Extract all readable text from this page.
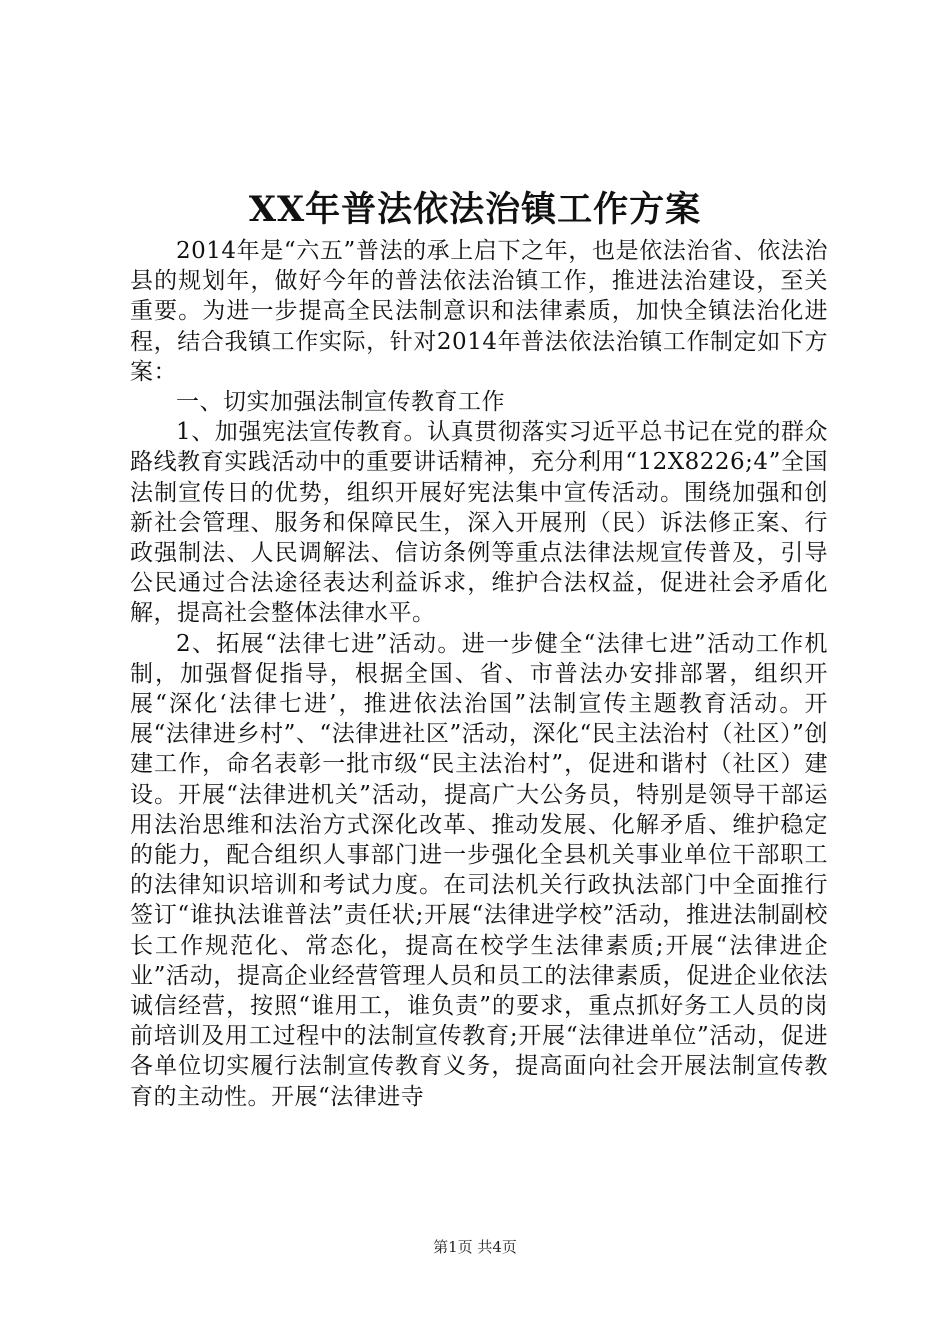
XX年普法依法治镇工作方案

2014年是“六五”普法的承上启下之年，也是依法治省、依法治县的规划年，做好今年的普法依法治镇工作，推进法治建设，至关重要。为进一步提高全民法制意识和法律素质，加快全镇法治化进程，结合我镇工作实际，针对2014年普法依法治镇工作制定如下方案：

一、切实加强法制宣传教育工作

1、加强宪法宣传教育。认真贯彻落实习近平总书记在党的群众路线教育实践活动中的重要讲话精神，充分利用“12X8226;4”全国法制宣传日的优势，组织开展好宪法集中宣传活动。围绕加强和创新社会管理、服务和保障民生，深入开展刑（民）诉法修正案、行政强制法、人民调解法、信访条例等重点法律法规宣传普及，引导公民通过合法途径表达利益诉求，维护合法权益，促进社会矛盾化解，提高社会整体法律水平。

2、拓展“法律七进”活动。进一步健全“法律七进”活动工作机制，加强督促指导，根据全国、省、市普法办安排部署，组织开展“深化‘法律七进’，推进依法治国”法制宣传主题教育活动。开展“法律进乡村”、“法律进社区”活动，深化“民主法治村（社区）”创建工作，命名表彰一批市级“民主法治村”，促进和谐村（社区）建设。开展“法律进机关”活动，提高广大公务员，特别是领导干部运用法治思维和法治方式深化改革、推动发展、化解矛盾、维护稳定的能力，配合组织人事部门进一步强化全县机关事业单位干部职工的法律知识培训和考试力度。在司法机关行政执法部门中全面推行签订“谁执法谁普法”责任状;开展“法律进学校”活动，推进法制副校长工作规范化、常态化，提高在校学生法律素质;开展“法律进企业”活动，提高企业经营管理人员和员工的法律素质，促进企业依法诚信经营，按照“谁用工，谁负责”的要求，重点抓好务工人员的岗前培训及用工过程中的法制宣传教育;开展“法律进单位”活动，促进各单位切实履行法制宣传教育义务，提高面向社会开展法制宣传教育的主动性。开展“法律进寺

第1页 共4页
